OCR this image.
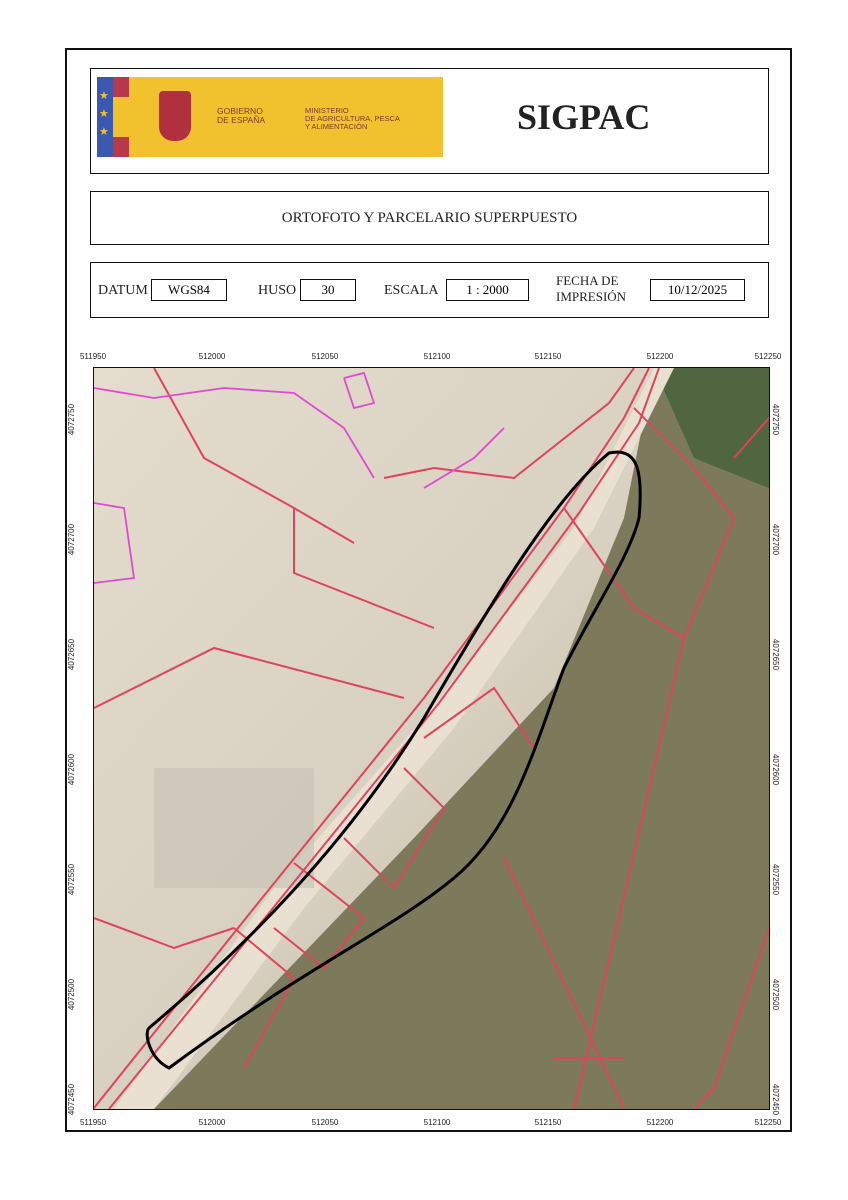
★
★
★
GOBIERNO
DE ESPAÑA
MINISTERIO
DE AGRICULTURA, PESCA
Y ALIMENTACIÓN	SIGPAC
ORTOFOTO Y PARCELARIO SUPERPUESTO
DATUM	WGS84	HUSO	30	ESCALA	1 : 2000
FECHA DE IMPRESIÓN	10/12/2025
511950
511950
512000
512000
512050
512050
512100
512100
512150
512150
512200
512200
512250
512250
4072750	4072750
4072700	4072700
4072650	4072650
4072600	4072600
4072550	4072550
4072500	4072500
4072450	4072450
